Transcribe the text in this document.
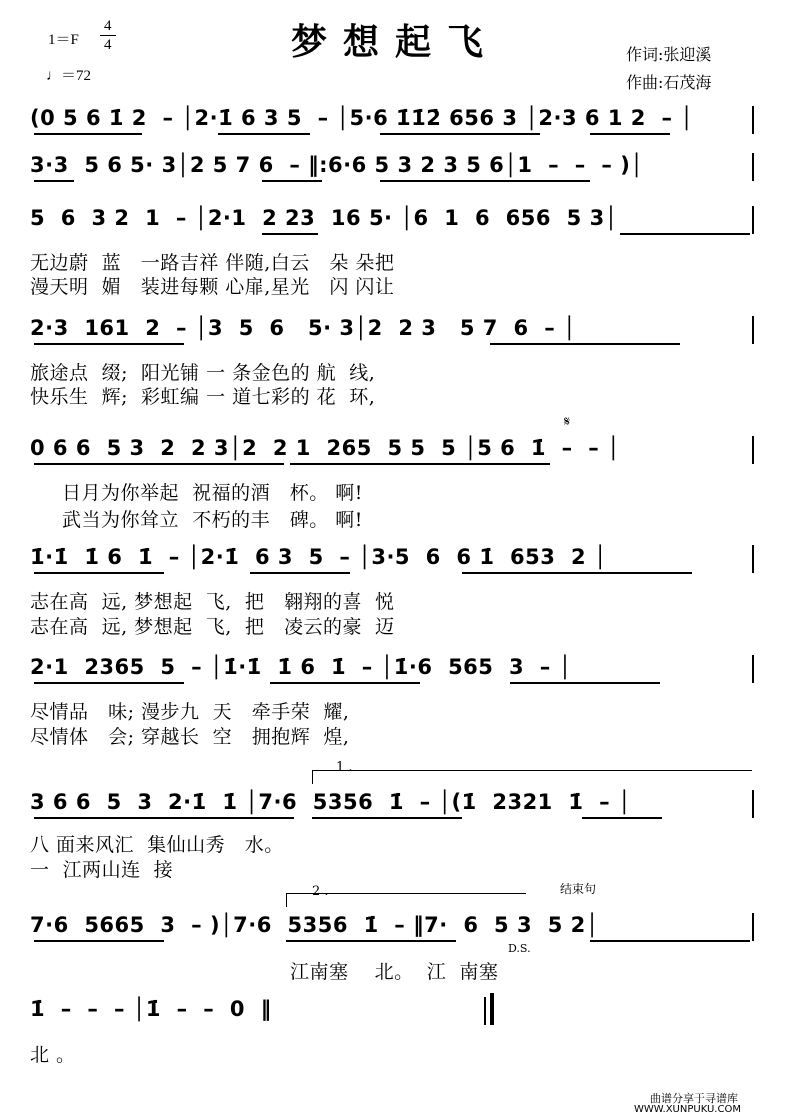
梦想起飞
1＝F
4
4
♩＝72
作词:张迎溪
作曲:石茂海
(0 5 6 1̇ 2  – │2·1̇ 6 3 5  – │5·6 1̇1̇2̇ 656 3 │2·3 6 1 2  – │
3·3  5 6 5· 3│2 5 7 6  – ‖:6·6 5 3 2 3 5 6│1  –  –  – )│
5  6  3 2  1  – │2·1  2 23  16 5· │6  1  6  656  5 3│
2·3  161  2  – │3  5  6   5· 3│2  2 3   5 7  6  – │
0 6 6  5 3  2  2 3│2  2 1  265  5 5  5 │5 6  1̇  –  – │
1̇·1̇  1̇ 6  1̇  – │2·1̇  6 3  5  – │3·5  6  6 1̇  653  2 │
2·1  2365  5  – │1̇·1̇  1̇ 6  1̇  – │1̇·6  565  3  – │
3 6 6  5  3  2·1̇  1̇ │7·6  5356  1̇  – │(1̇  2321  1̇  – │
7·6  5665  3  – )│7·6  5356  1̇  – ‖7·  6  5 3  5 2│
1̇  –  –  – │1̇  –  –  0  ‖
无边蔚  蓝   一路吉祥 伴随,白云   朵 朵把
漫天明  媚   装进每颗 心扉,星光   闪 闪让
旅途点  缀;  阳光铺 一 条金色的 航  线,
快乐生  辉;  彩虹编 一 道七彩的 花  环,
日月为你举起  祝福的酒   杯。 啊!
武当为你耸立  不朽的丰   碑。 啊!
志在高  远, 梦想起  飞,  把   翱翔的喜  悦
志在高  远, 梦想起  飞,  把   凌云的豪  迈
尽情品   味; 漫步九  天   牵手荣  耀,
尽情体   会; 穿越长  空   拥抱辉  煌,
八 面来风汇  集仙山秀   水。
一  江两山连  接
江南塞    北。  江  南塞
北 。
1 .
2 .	结束句
D.S.
𝄋
曲谱分享于寻谱库
WWW.XUNPUKU.COM
